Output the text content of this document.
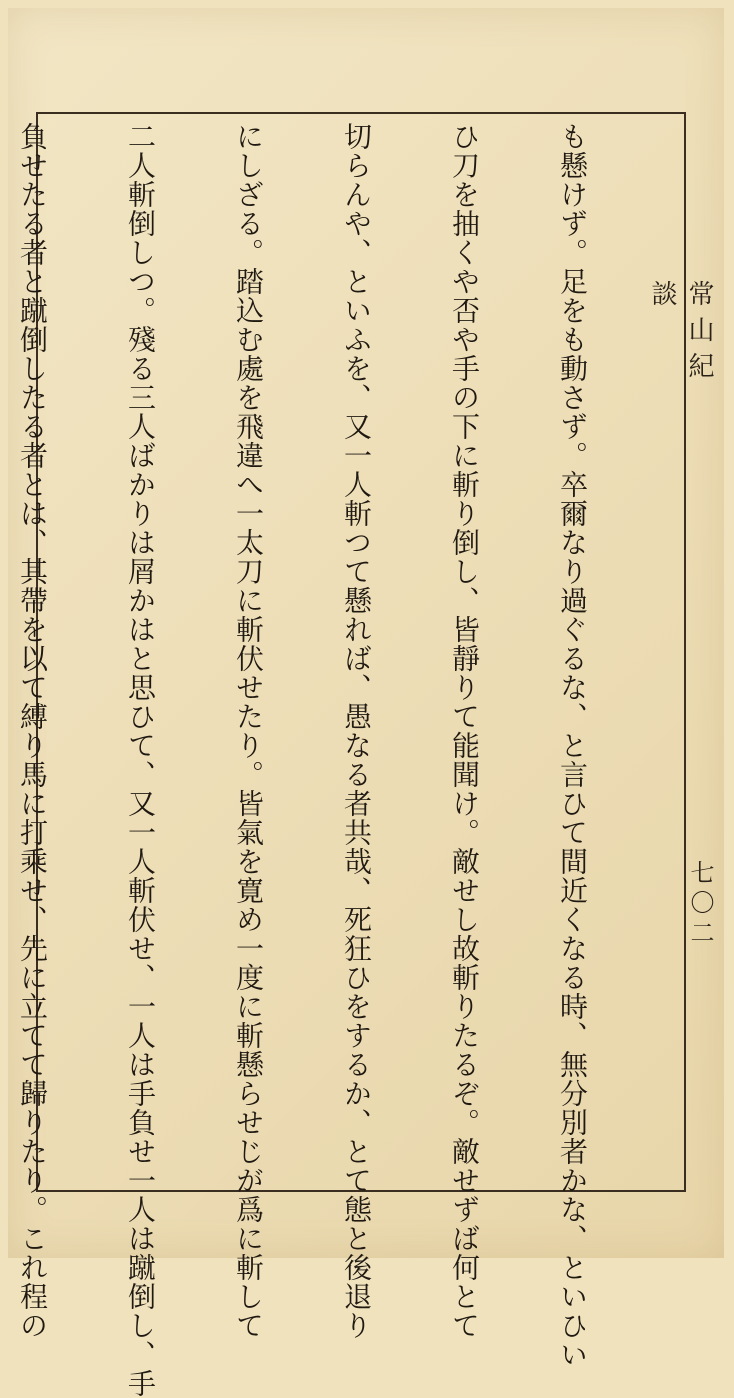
常山紀談
七〇二

も懸けず。足をも動さず。卒爾なり過ぐるな、と言ひて間近くなる時、無分別者かな、といひい

ひ刀を抽くや否や手の下に斬り倒し、皆靜りて能聞け。敵せし故斬りたるぞ。敵せずば何とて

切らんや、といふを、又一人斬つて懸れば、愚なる者共哉、死狂ひをするか、とて態と後退り

にしざる。踏込む處を飛違へ一太刀に斬伏せたり。皆氣を寛め一度に斬懸らせじが爲に斬して

二人斬倒しつ。殘る三人ばかりは屑かはと思ひて、又一人斬伏せ、一人は手負せ一人は蹴倒し、手

負せたる者と蹴倒したる者とは、其帶を以て縛り馬に打乘せ、先に立てて歸りたり。これ程の
